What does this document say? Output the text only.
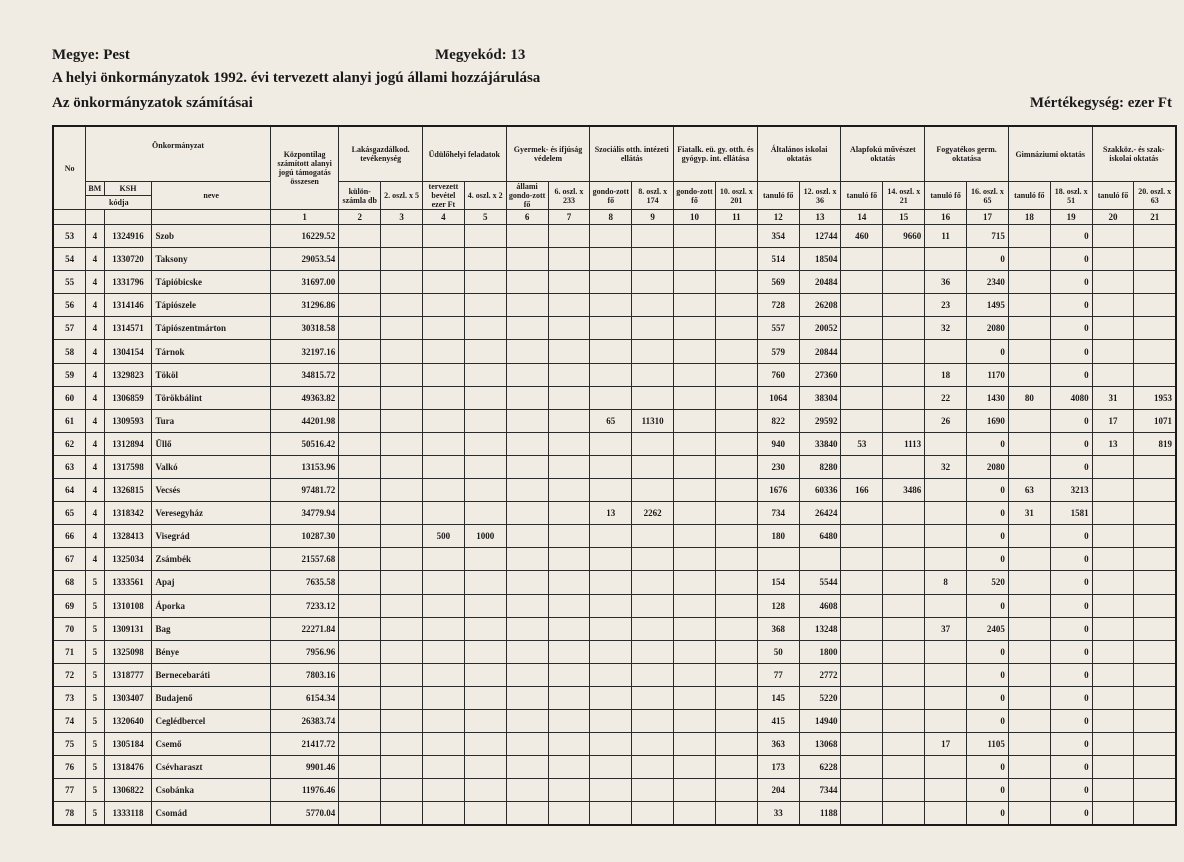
Megye: Pest	Megyekód: 13
A helyi önkormányzatok 1992. évi tervezett alanyi jogú állami hozzájárulása
Az önkormányzatok számításai	Mértékegység: ezer Ft
No	Önkormányzat			Központilag számított alanyi jogú támogatás összesen	Lakásgazdálkod. tevékenység		Üdülőhelyi feladatok		Gyermek- és ifjúság védelem		Szociális otth. intézeti ellátás		Fiatalk. eü. gy. otth. és gyógyp. int. ellátása		Általános iskolai oktatás		Alapfokú művészet oktatás		Fogyatékos germ. oktatása		Gimnáziumi oktatás		Szakköz.- és szak-iskolai oktatás	
	BM	KSH	neve		külön-számla db	2. oszl. x 5	tervezett bevétel ezer Ft	4. oszl. x 2	állami gondo-zott fő	6. oszl. x 233	gondo-zott fő	8. oszl. x 174	gondo-zott fő	10. oszl. x 201	tanuló fő	12. oszl. x 36	tanuló fő	14. oszl. x 21	tanuló fő	16. oszl. x 65	tanuló fő	18. oszl. x 51	tanuló fő	20. oszl. x 63
	kódja																							
				1	2	3	4	5	6	7	8	9	10	11	12	13	14	15	16	17	18	19	20	21
53	4	1324916	Szob	16229.52											354	12744	460	9660	11	715		0		
54	4	1330720	Taksony	29053.54											514	18504				0		0		
55	4	1331796	Tápióbicske	31697.00											569	20484			36	2340		0		
56	4	1314146	Tápiószele	31296.86											728	26208			23	1495		0		
57	4	1314571	Tápiószentmárton	30318.58											557	20052			32	2080		0		
58	4	1304154	Tárnok	32197.16											579	20844				0		0		
59	4	1329823	Tököl	34815.72											760	27360			18	1170		0		
60	4	1306859	Törökbálint	49363.82											1064	38304			22	1430	80	4080	31	1953
61	4	1309593	Tura	44201.98							65	11310			822	29592			26	1690		0	17	1071
62	4	1312894	Üllő	50516.42											940	33840	53	1113		0		0	13	819
63	4	1317598	Valkó	13153.96											230	8280			32	2080		0		
64	4	1326815	Vecsés	97481.72											1676	60336	166	3486		0	63	3213		
65	4	1318342	Veresegyház	34779.94							13	2262			734	26424				0	31	1581		
66	4	1328413	Visegrád	10287.30			500	1000							180	6480				0		0		
67	4	1325034	Zsámbék	21557.68																0		0		
68	5	1333561	Apaj	7635.58											154	5544			8	520		0		
69	5	1310108	Áporka	7233.12											128	4608				0		0		
70	5	1309131	Bag	22271.84											368	13248			37	2405		0		
71	5	1325098	Bénye	7956.96											50	1800				0		0		
72	5	1318777	Bernecebaráti	7803.16											77	2772				0		0		
73	5	1303407	Budajenő	6154.34											145	5220				0		0		
74	5	1320640	Ceglédbercel	26383.74											415	14940				0		0		
75	5	1305184	Csemő	21417.72											363	13068			17	1105		0		
76	5	1318476	Csévharaszt	9901.46											173	6228				0		0		
77	5	1306822	Csobánka	11976.46											204	7344				0		0		
78	5	1333118	Csomád	5770.04											33	1188				0		0		
